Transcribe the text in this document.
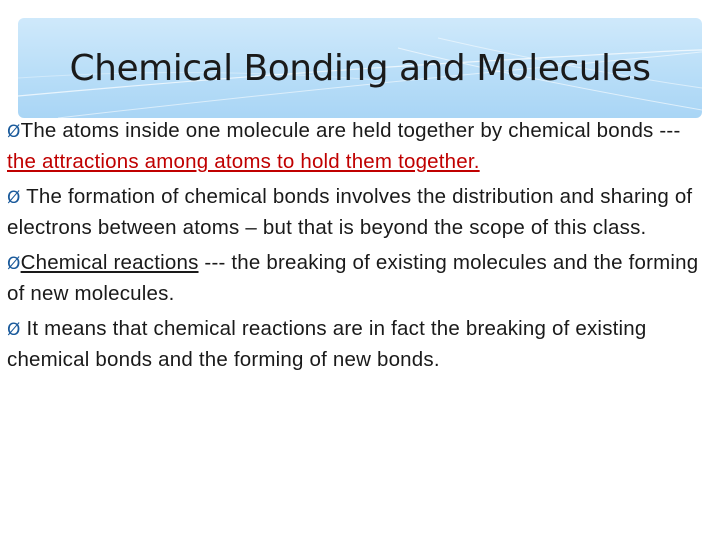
Chemical Bonding and Molecules

ØThe atoms inside one molecule are held together by chemical bonds --- the attractions among atoms to hold them together.

Ø The formation of chemical bonds involves the distribution and sharing of electrons between atoms – but that is beyond the scope of this class.

ØChemical reactions --- the breaking of existing molecules and the forming of new molecules.

Ø It means that chemical reactions are in fact the breaking of existing chemical bonds and the forming of new bonds.
